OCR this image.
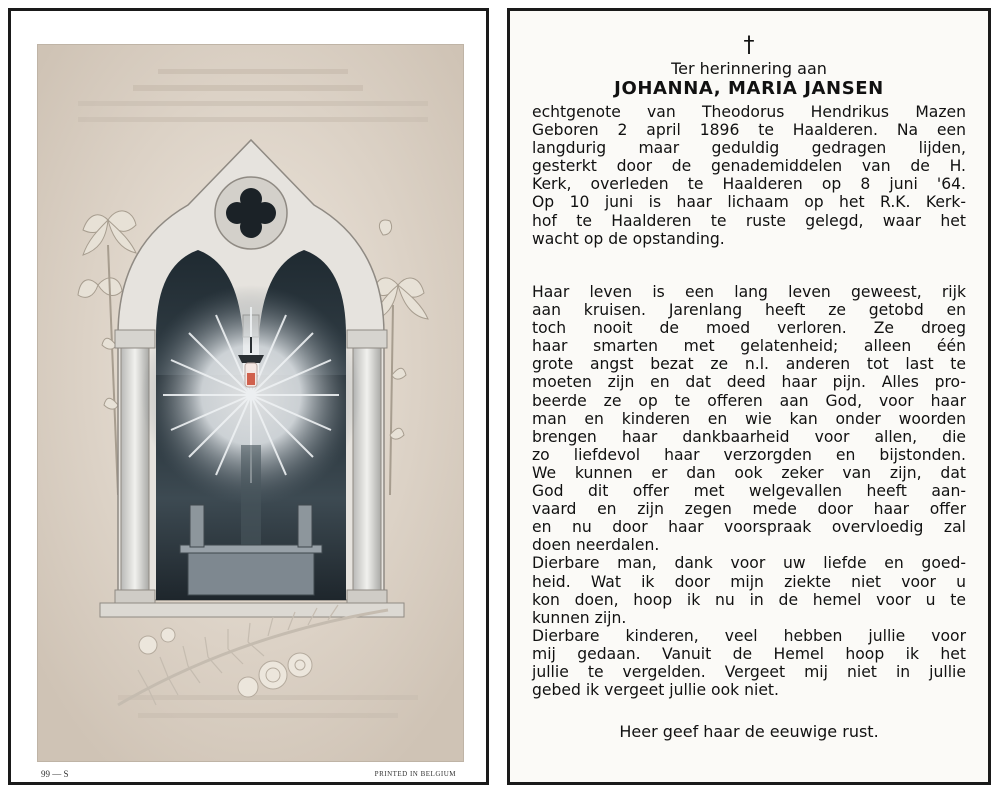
99 — S	PRINTED IN BELGIUM
†
Ter herinnering aan
JOHANNA, MARIA JANSEN
echtgenote van Theodorus Hendrikus Mazen
Geboren 2 april 1896 te Haalderen. Na een
langdurig maar geduldig gedragen lijden,
gesterkt door de genademiddelen van de H.
Kerk, overleden te Haalderen op 8 juni '64.
Op 10 juni is haar lichaam op het R.K. Kerk-
hof te Haalderen te ruste gelegd, waar het
wacht op de opstanding.
Haar leven is een lang leven geweest, rijk
aan kruisen. Jarenlang heeft ze getobd en
toch nooit de moed verloren. Ze droeg
haar smarten met gelatenheid; alleen één
grote angst bezat ze n.l. anderen tot last te
moeten zijn en dat deed haar pijn. Alles pro-
beerde ze op te offeren aan God, voor haar
man en kinderen en wie kan onder woorden
brengen haar dankbaarheid voor allen, die
zo liefdevol haar verzorgden en bijstonden.
We kunnen er dan ook zeker van zijn, dat
God dit offer met welgevallen heeft aan-
vaard en zijn zegen mede door haar offer
en nu door haar voorspraak overvloedig zal
doen neerdalen.
Dierbare man, dank voor uw liefde en goed-
heid. Wat ik door mijn ziekte niet voor u
kon doen, hoop ik nu in de hemel voor u te
kunnen zijn.
Dierbare kinderen, veel hebben jullie voor
mij gedaan. Vanuit de Hemel hoop ik het
jullie te vergelden. Vergeet mij niet in jullie
gebed ik vergeet jullie ook niet.
Heer geef haar de eeuwige rust.
